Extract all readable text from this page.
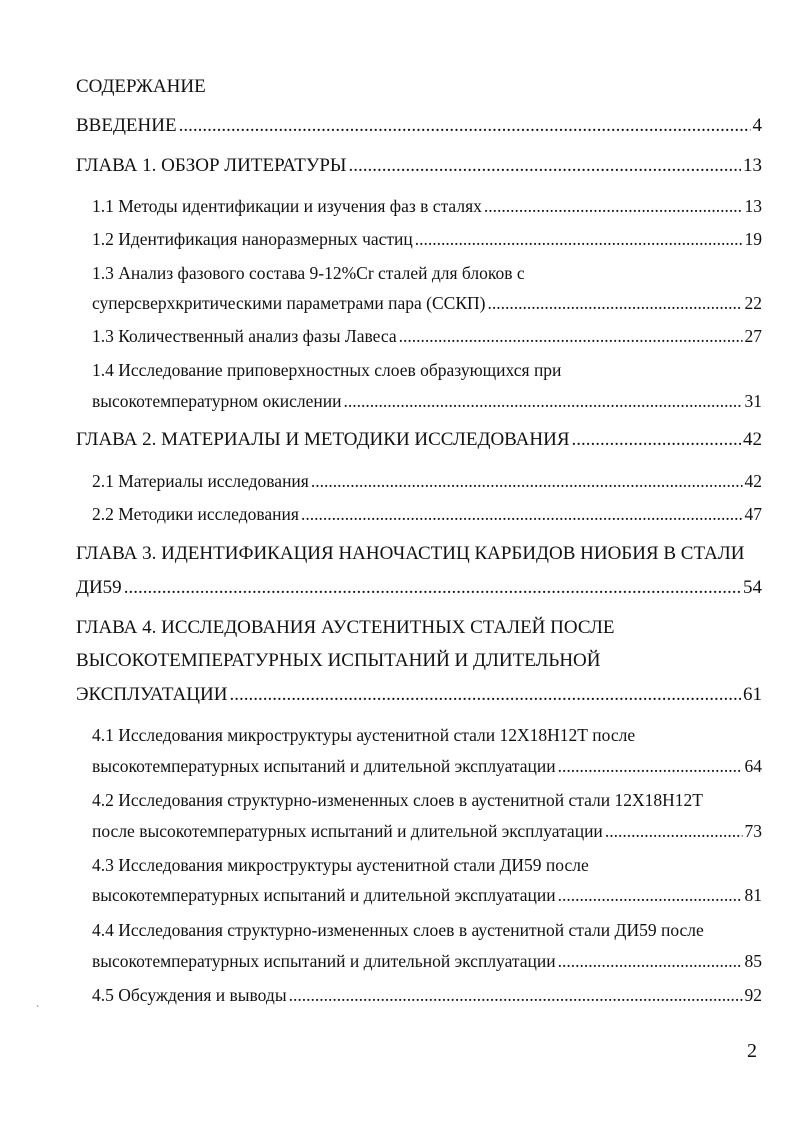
СОДЕРЖАНИЕ
ВВЕДЕНИЕ .....	4
ГЛАВА 1. ОБЗОР ЛИТЕРАТУРЫ .....	13
1.1 Методы идентификации и изучения фаз в сталях .....	13
1.2 Идентификация наноразмерных частиц .....	19
1.3 Анализ фазового состава 9-12%Cr сталей для блоков с
суперсверхкритическими параметрами пара (ССКП) .....	22
1.3 Количественный анализ фазы Лавеса .....	27
1.4 Исследование приповерхностных слоев образующихся при
высокотемпературном окислении .....	31
ГЛАВА 2. МАТЕРИАЛЫ И МЕТОДИКИ ИССЛЕДОВАНИЯ .....	42
2.1 Материалы исследования .....	42
2.2 Методики исследования .....	47
ГЛАВА 3. ИДЕНТИФИКАЦИЯ НАНОЧАСТИЦ КАРБИДОВ НИОБИЯ В СТАЛИ
ДИ59 .....	54
ГЛАВА 4. ИССЛЕДОВАНИЯ АУСТЕНИТНЫХ СТАЛЕЙ ПОСЛЕ
ВЫСОКОТЕМПЕРАТУРНЫХ ИСПЫТАНИЙ И ДЛИТЕЛЬНОЙ
ЭКСПЛУАТАЦИИ .....	61
4.1 Исследования микроструктуры аустенитной стали 12Х18Н12Т после
высокотемпературных испытаний и длительной эксплуатации .....	64
4.2 Исследования структурно-измененных слоев в аустенитной стали 12Х18Н12Т
после высокотемпературных испытаний и длительной эксплуатации .....	73
4.3 Исследования микроструктуры аустенитной стали ДИ59 после
высокотемпературных испытаний и длительной эксплуатации .....	81
4.4 Исследования структурно-измененных слоев в аустенитной стали ДИ59 после
высокотемпературных испытаний и длительной эксплуатации .....	85
4.5 Обсуждения и выводы .....	92
`
2
